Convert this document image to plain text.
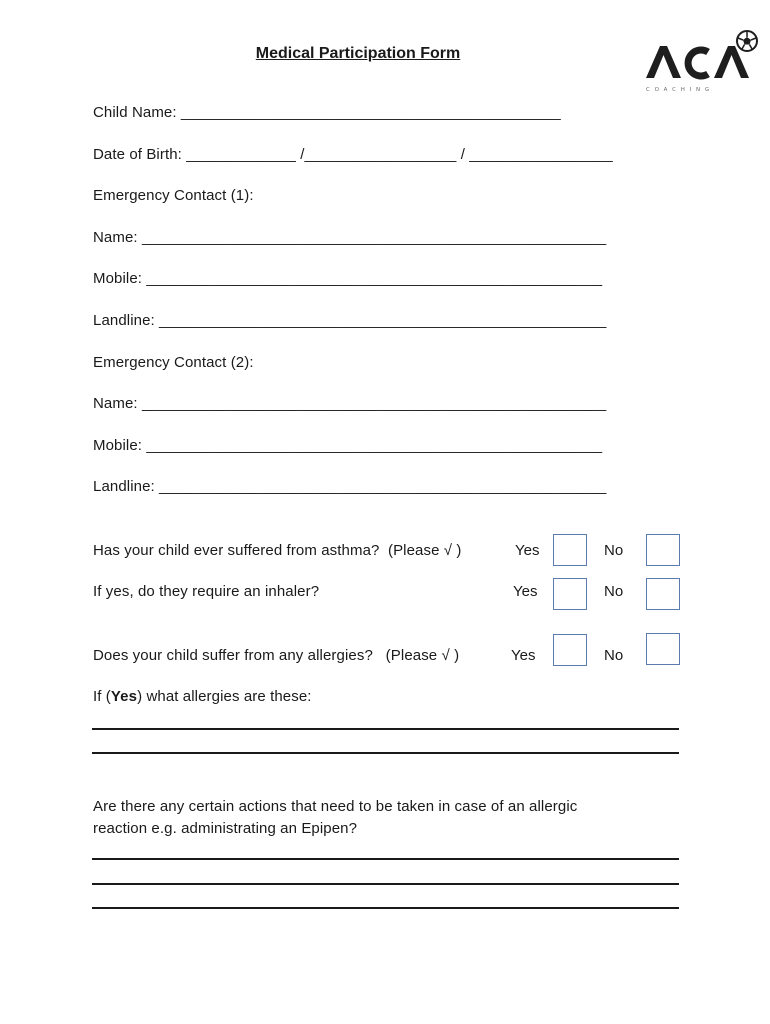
Medical Participation Form
C O A C H I N G
Child Name: _____________________________________________
Date of Birth: _____________ /__________________ / _________________
Emergency Contact (1):
Name: _______________________________________________________
Mobile: ______________________________________________________
Landline: _____________________________________________________
Emergency Contact (2):
Name: _______________________________________________________
Mobile: ______________________________________________________
Landline: _____________________________________________________
Has your child ever suffered from asthma?  (Please √ )	Yes	No
If yes, do they require an inhaler?	Yes	No
Does your child suffer from any allergies?   (Please √ )	Yes	No
If (Yes) what allergies are these:
Are there any certain actions that need to be taken in case of an allergic
reaction e.g. administrating an Epipen?
